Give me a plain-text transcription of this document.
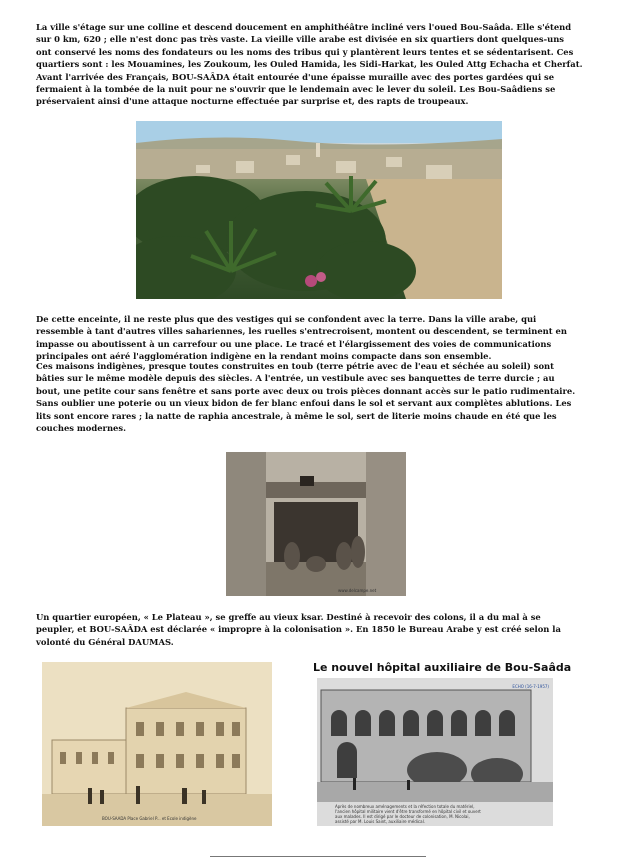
La ville s'étage sur une colline et descend doucement en amphithéâtre incliné vers l'oued Bou-Saâda. Elle s'étend
sur 0 km, 620 ; elle n'est donc pas très vaste. La vieille ville arabe est divisée en six quartiers dont quelques-uns
ont conservé les noms des fondateurs ou les noms des tribus qui y plantèrent leurs tentes et se sédentarisent. Ces
quartiers sont : les Mouamines, les Zoukoum, les Ouled Hamida, les Sidi-Harkat, les Ouled Attg Echacha et Cherfat.
Avant l'arrivée des Français, BOU-SAÂDA était entourée d'une épaisse muraille avec des portes gardées qui se
fermaient à la tombée de la nuit pour ne s'ouvrir que le lendemain avec le lever du soleil. Les Bou-Saâdiens se
préservaient ainsi d'une attaque nocturne effectuée par surprise et, des rapts de troupeaux.
De cette enceinte, il ne reste plus que des vestiges qui se confondent avec la terre. Dans la ville arabe, qui
ressemble à tant d'autres villes sahariennes, les ruelles s'entrecroisent, montent ou descendent, se terminent en
impasse ou aboutissent à un carrefour ou une place. Le tracé et l'élargissement des voies de communications
principales ont aéré l'agglomération indigène en la rendant moins compacte dans son ensemble.
Ces maisons indigènes, presque toutes construites en toub (terre pétrie avec de l'eau et séchée au soleil) sont
bâties sur le même modèle depuis des siècles. A l'entrée, un vestibule avec ses banquettes de terre durcie ; au
bout, une petite cour sans fenêtre et sans porte avec deux ou trois pièces donnant accès sur le patio rudimentaire.
Sans oublier une poterie ou un vieux bidon de fer blanc enfoui dans le sol et servant aux complètes ablutions. Les
lits sont encore rares ; la natte de raphia ancestrale, à même le sol, sert de literie moins chaude en été que les
couches modernes.
www.delcampe.net
Un quartier européen, « Le Plateau », se greffe au vieux ksar. Destiné à recevoir des colons, il a du mal à se
peupler, et BOU-SAÂDA est déclarée « impropre à la colonisation ». En 1850 le Bureau Arabe y est créé selon la
volonté du Général DAUMAS.
BOU-SAADA Place Gabriel P... et Ecole indigène
Le nouvel hôpital auxiliaire de Bou-Saâda
ECHO (16-7-1957)
Après de nombreux aménagements et la réfection totale du matériel,
l'ancien hôpital militaire vient d'être transformé en hôpital civil et ouvert
aux malades. Il est dirigé par le docteur de colonisation, M. Nicolai,
assisté par M. Louis Saint, auxiliaire médical.
